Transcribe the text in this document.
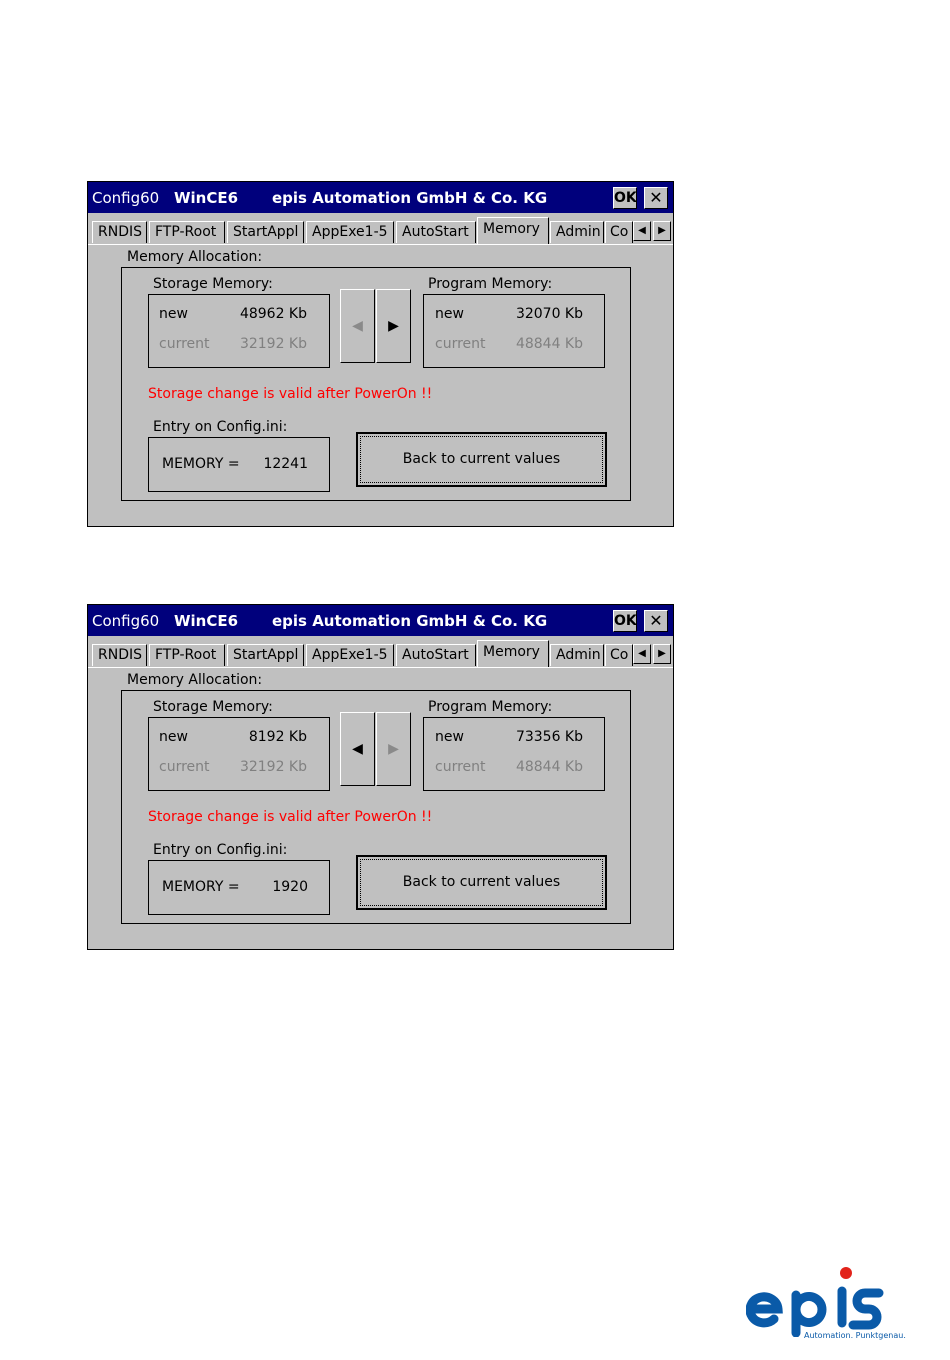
Config60 WinCE6 epis Automation GmbH & Co. KG	OK ✕
RNDIS FTP-Root	StartAppl AppExe1-5	AutoStart	Memory	Admin Co ◀	▶
Memory Allocation:
Storage Memory:
new	48962 Kb
current	32192 Kb
◀	▶
Program Memory:
new	32070 Kb
current	48844 Kb
Storage change is valid after PowerOn !!
Entry on Config.ini:
MEMORY =	12241	Back to current values
Config60 WinCE6 epis Automation GmbH & Co. KG	OK ✕
RNDIS FTP-Root	StartAppl AppExe1-5	AutoStart	Memory	Admin Co ◀	▶
Memory Allocation:
Storage Memory:
new	8192 Kb
current	32192 Kb
◀	▶
Program Memory:
new	73356 Kb
current	48844 Kb
Storage change is valid after PowerOn !!
Entry on Config.ini:
MEMORY =	1920	Back to current values
Automation. Punktgenau.
